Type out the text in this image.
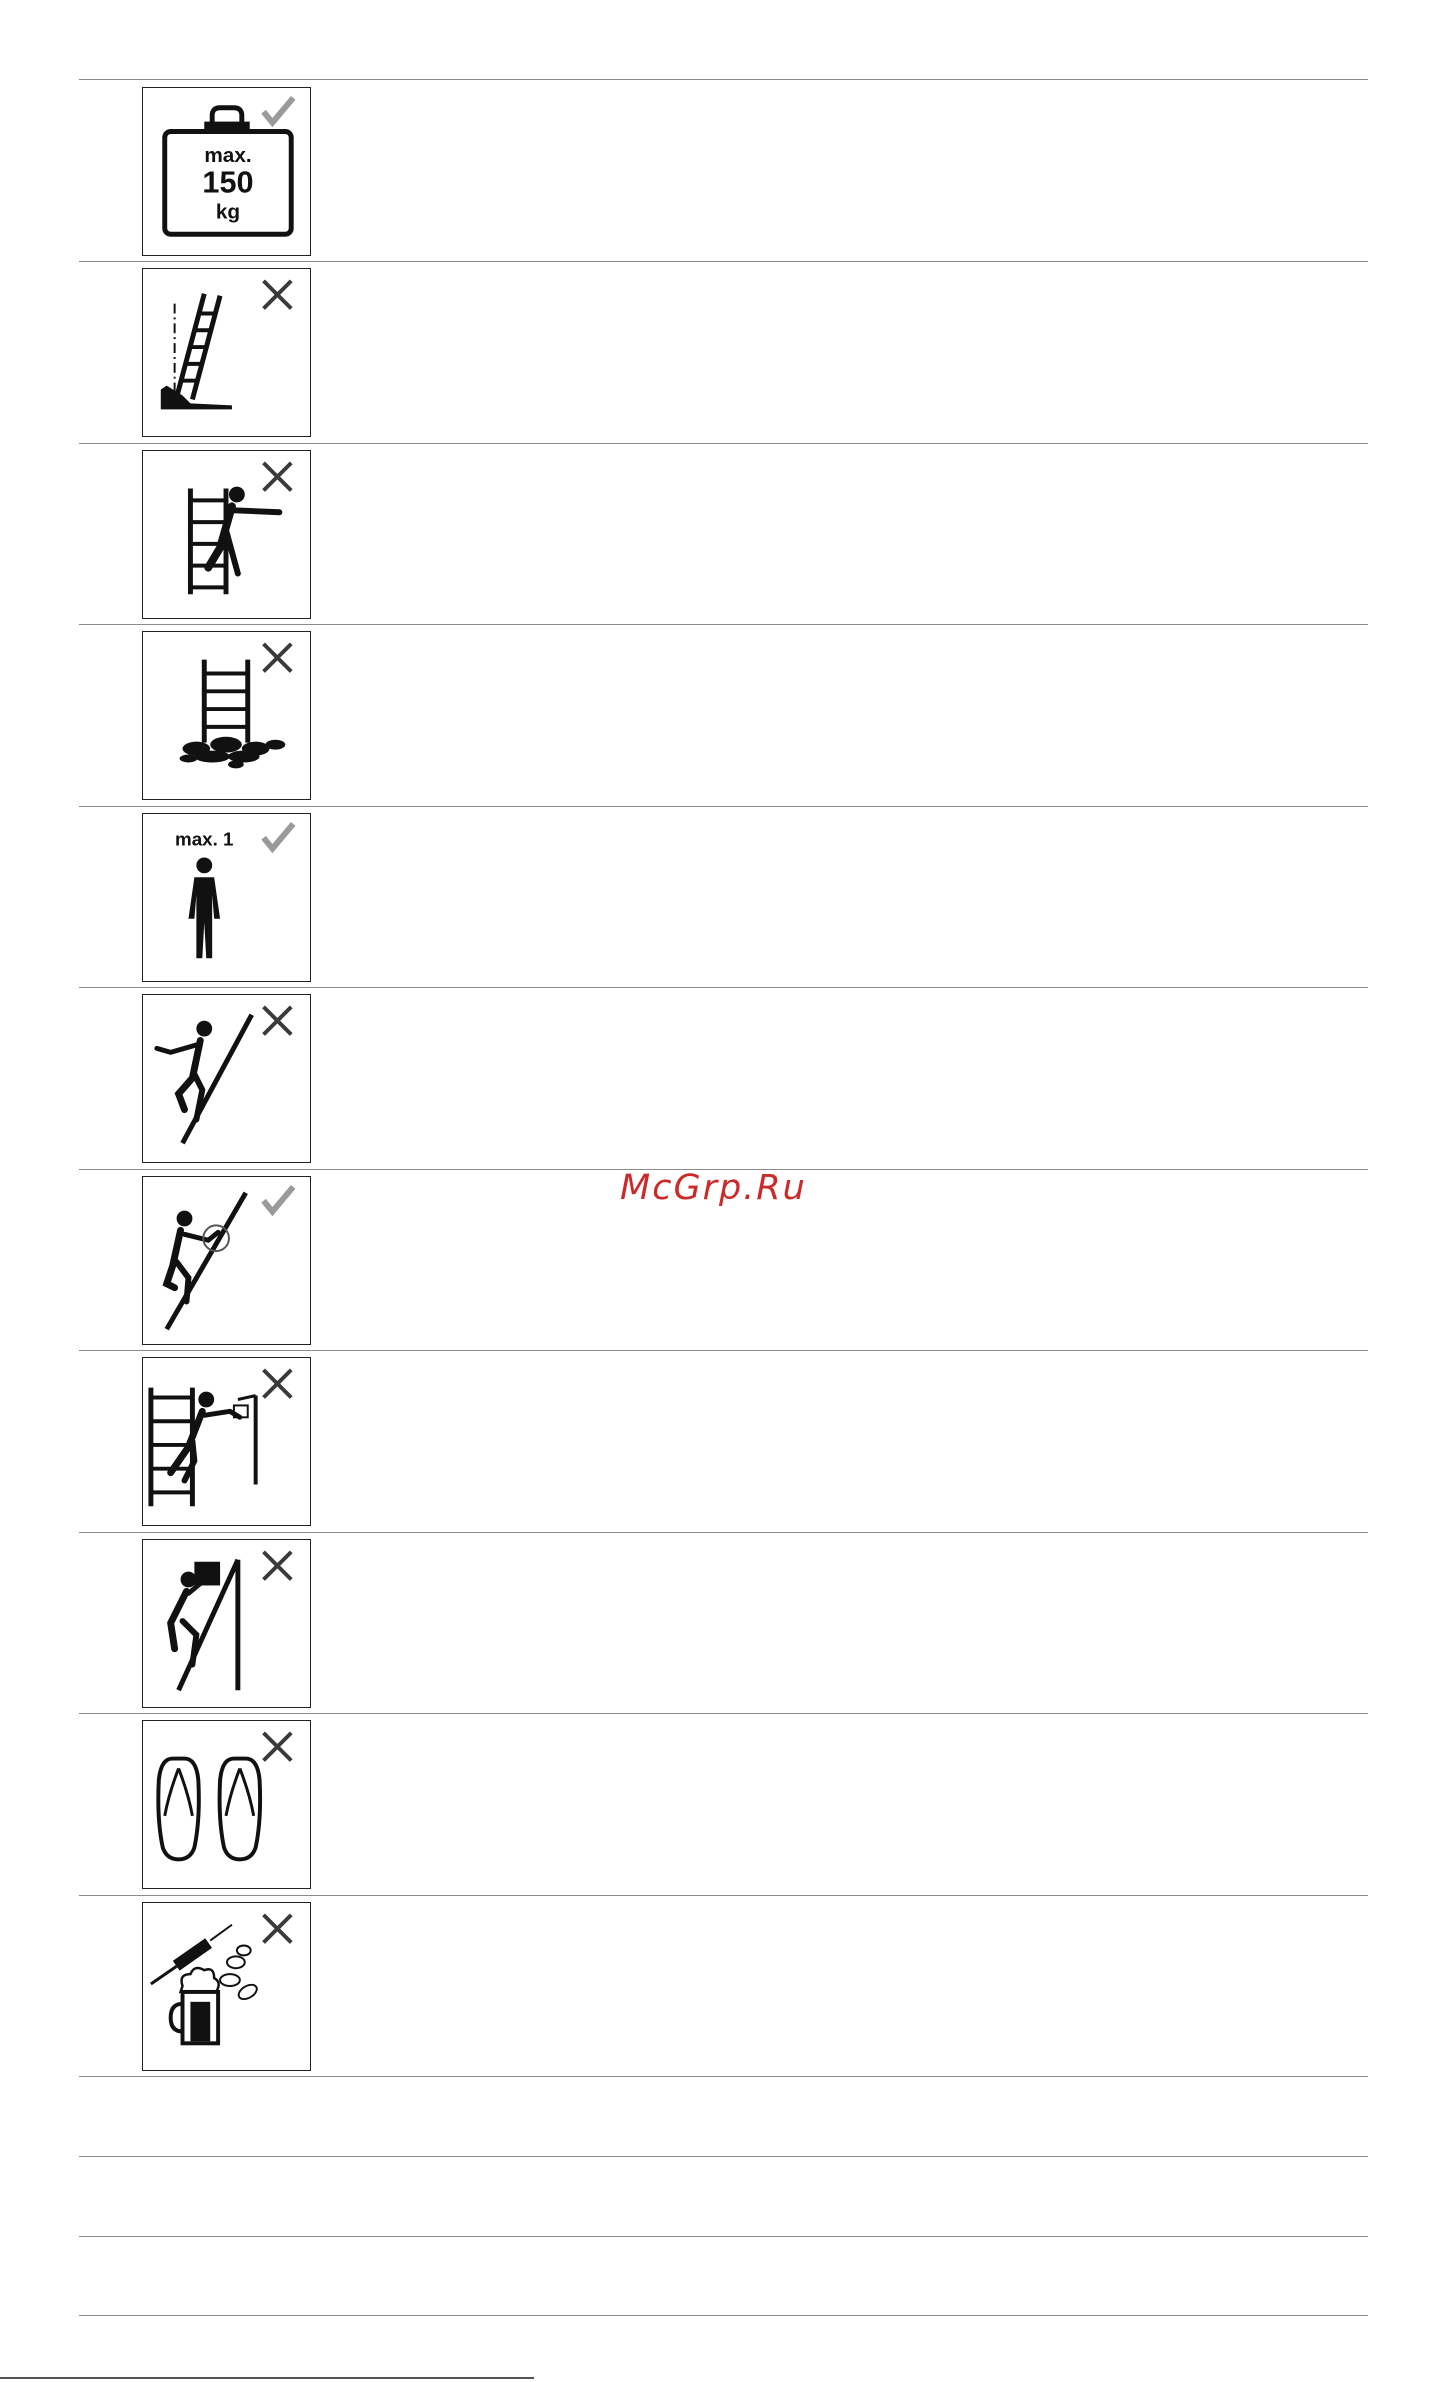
max.
150
kg
max. 1
McGrp.Ru
